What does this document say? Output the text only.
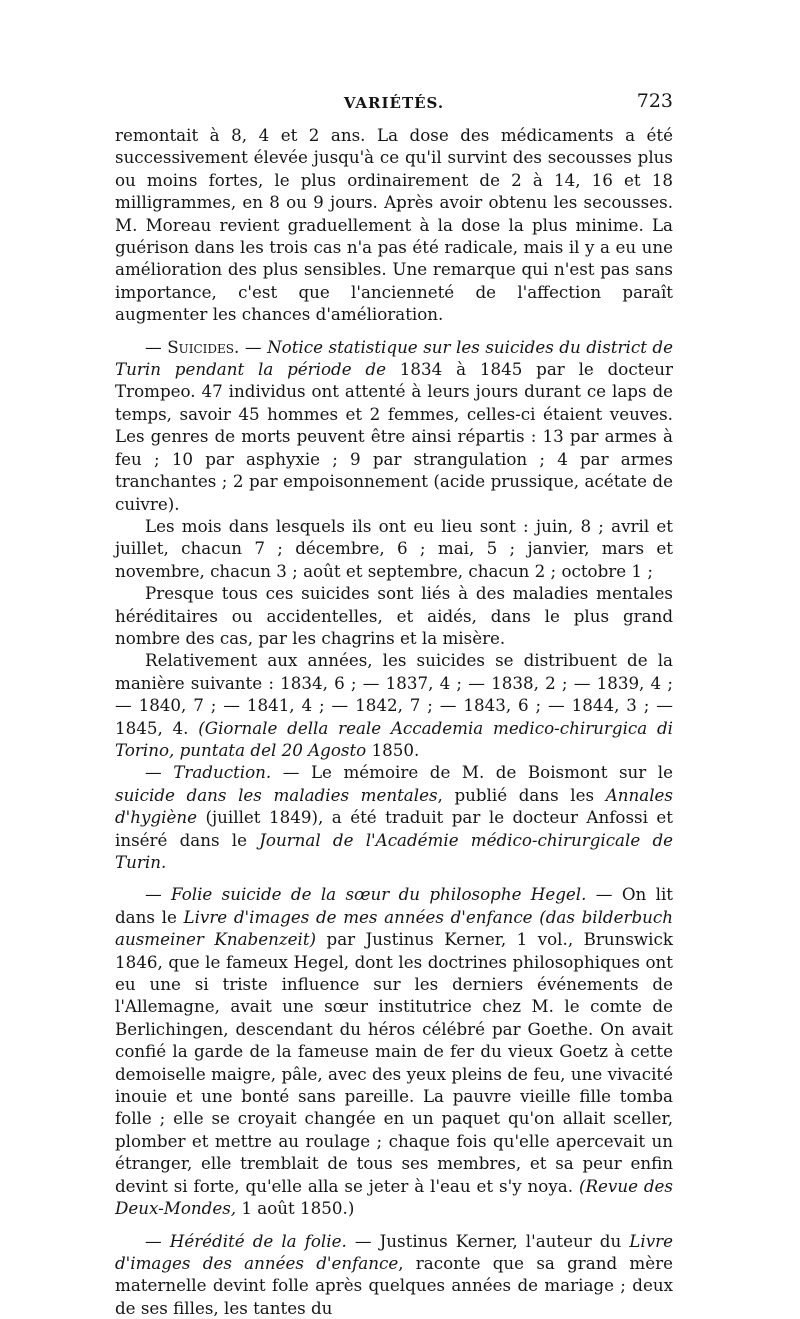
VARIÉTÉS.	723

remontait à 8, 4 et 2 ans. La dose des médicaments a été successivement élevée jusqu'à ce qu'il survint des secousses plus ou moins fortes, le plus ordinairement de 2 à 14, 16 et 18 milligrammes, en 8 ou 9 jours. Après avoir obtenu les secousses. M. Moreau revient graduellement à la dose la plus minime. La guérison dans les trois cas n'a pas été radicale, mais il y a eu une amélioration des plus sensibles. Une remarque qui n'est pas sans importance, c'est que l'ancienneté de l'affection paraît augmenter les chances d'amélioration.

— Suicides. — Notice statistique sur les suicides du district de Turin pendant la période de 1834 à 1845 par le docteur Trompeo. 47 individus ont attenté à leurs jours durant ce laps de temps, savoir 45 hommes et 2 femmes, celles-ci étaient veuves. Les genres de morts peuvent être ainsi répartis : 13 par armes à feu ; 10 par asphyxie ; 9 par strangulation ; 4 par armes tranchantes ; 2 par empoisonnement (acide prussique, acétate de cuivre).

Les mois dans lesquels ils ont eu lieu sont : juin, 8 ; avril et juillet, chacun 7 ; décembre, 6 ; mai, 5 ; janvier, mars et novembre, chacun 3 ; août et septembre, chacun 2 ; octobre 1 ;

Presque tous ces suicides sont liés à des maladies mentales héréditaires ou accidentelles, et aidés, dans le plus grand nombre des cas, par les chagrins et la misère.

Relativement aux années, les suicides se distribuent de la manière suivante : 1834, 6 ; — 1837, 4 ; — 1838, 2 ; — 1839, 4 ; — 1840, 7 ; — 1841, 4 ; — 1842, 7 ; — 1843, 6 ; — 1844, 3 ; — 1845, 4. (Giornale della reale Accademia medico-chirurgica di Torino, puntata del 20 Agosto 1850.

— Traduction. — Le mémoire de M. de Boismont sur le suicide dans les maladies mentales, publié dans les Annales d'hygiène (juillet 1849), a été traduit par le docteur Anfossi et inséré dans le Journal de l'Académie médico-chirurgicale de Turin.

— Folie suicide de la sœur du philosophe Hegel. — On lit dans le Livre d'images de mes années d'enfance (das bilderbuch ausmeiner Knabenzeit) par Justinus Kerner, 1 vol., Brunswick 1846, que le fameux Hegel, dont les doctrines philosophiques ont eu une si triste influence sur les derniers événements de l'Allemagne, avait une sœur institutrice chez M. le comte de Berlichingen, descendant du héros célébré par Goethe. On avait confié la garde de la fameuse main de fer du vieux Goetz à cette demoiselle maigre, pâle, avec des yeux pleins de feu, une vivacité inouie et une bonté sans pareille. La pauvre vieille fille tomba folle ; elle se croyait changée en un paquet qu'on allait sceller, plomber et mettre au roulage ; chaque fois qu'elle apercevait un étranger, elle tremblait de tous ses membres, et sa peur enfin devint si forte, qu'elle alla se jeter à l'eau et s'y noya. (Revue des Deux-Mondes, 1 août 1850.)

— Hérédité de la folie. — Justinus Kerner, l'auteur du Livre d'images des années d'enfance, raconte que sa grand mère maternelle devint folle après quelques années de mariage ; deux de ses filles, les tantes du
